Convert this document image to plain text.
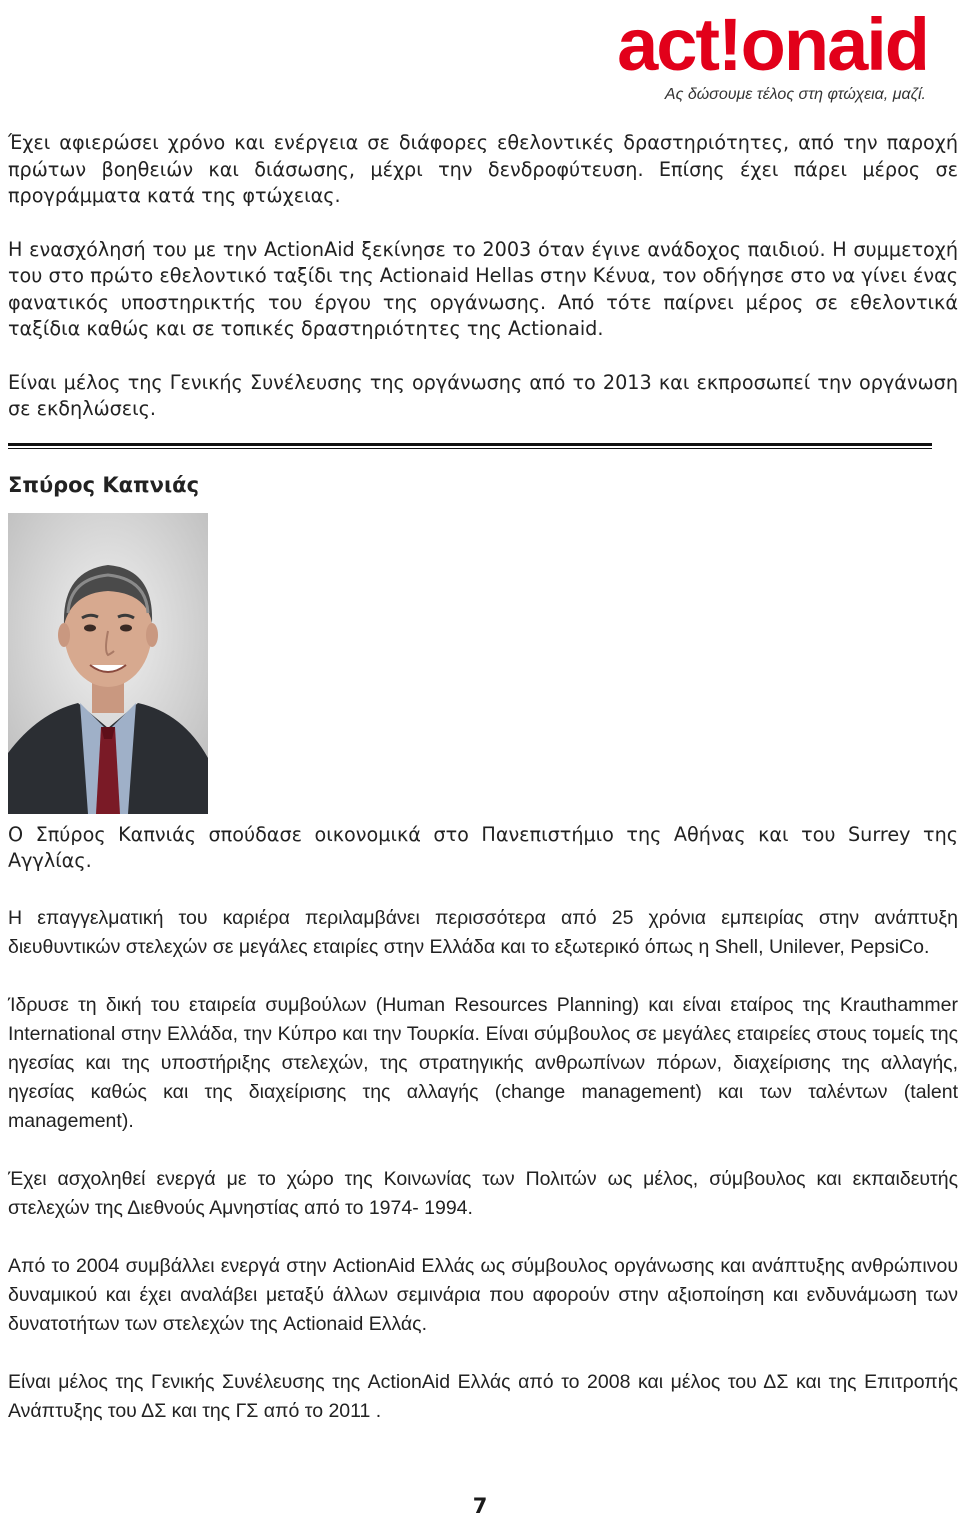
act!onaid
Ας δώσουμε τέλος στη φτώχεια, μαζί.

Έχει αφιερώσει χρόνο και ενέργεια σε διάφορες εθελοντικές δραστηριότητες, από την παροχή πρώτων βοηθειών και διάσωσης, μέχρι την δενδροφύτευση. Επίσης έχει πάρει μέρος σε προγράμματα κατά της φτώχειας.

Η ενασχόλησή του με την ActionAid ξεκίνησε το 2003 όταν έγινε ανάδοχος παιδιού. Η συμμετοχή του στο πρώτο εθελοντικό ταξίδι της Actionaid Hellas στην Κένυα, τον οδήγησε στο να γίνει ένας φανατικός υποστηρικτής του έργου της οργάνωσης. Από τότε παίρνει μέρος σε εθελοντικά ταξίδια καθώς και σε τοπικές δραστηριότητες της Actionaid.

Είναι μέλος της Γενικής Συνέλευσης της οργάνωσης από το 2013 και εκπροσωπεί την οργάνωση σε εκδηλώσεις.

Σπύρος Καπνιάς

Ο Σπύρος Καπνιάς σπούδασε οικονομικά στο Πανεπιστήμιο της Αθήνας και του Surrey της Αγγλίας.

Η επαγγελματική του καριέρα περιλαμβάνει περισσότερα από 25 χρόνια εμπειρίας στην ανάπτυξη διευθυντικών στελεχών σε μεγάλες εταιρίες στην Ελλάδα και το εξωτερικό όπως η Shell, Unilever, PepsiCo.

Ίδρυσε τη δική του εταιρεία συμβούλων (Human Resources Planning) και είναι εταίρος της Krauthammer International στην Ελλάδα, την Κύπρο και την Τουρκία. Είναι σύμβουλος σε μεγάλες εταιρείες στους τομείς της ηγεσίας και της υποστήριξης στελεχών, της στρατηγικής ανθρωπίνων πόρων, διαχείρισης της αλλαγής, ηγεσίας καθώς και της διαχείρισης της αλλαγής (change management) και των ταλέντων (talent management).

Έχει ασχοληθεί ενεργά με το χώρο της Κοινωνίας των Πολιτών ως μέλος, σύμβουλος και εκπαιδευτής στελεχών της Διεθνούς Αμνηστίας από το 1974- 1994.

Από το 2004 συμβάλλει ενεργά στην ActionAid Ελλάς ως σύμβουλος οργάνωσης και ανάπτυξης ανθρώπινου δυναμικού και έχει αναλάβει μεταξύ άλλων σεμινάρια που αφορούν στην αξιοποίηση και ενδυνάμωση των δυνατοτήτων των στελεχών της Actionaid Ελλάς.

Είναι μέλος της Γενικής Συνέλευσης της ActionAid Ελλάς από το 2008 και μέλος του ΔΣ και της Επιτροπής Ανάπτυξης του ΔΣ και της ΓΣ από το 2011 .

7
